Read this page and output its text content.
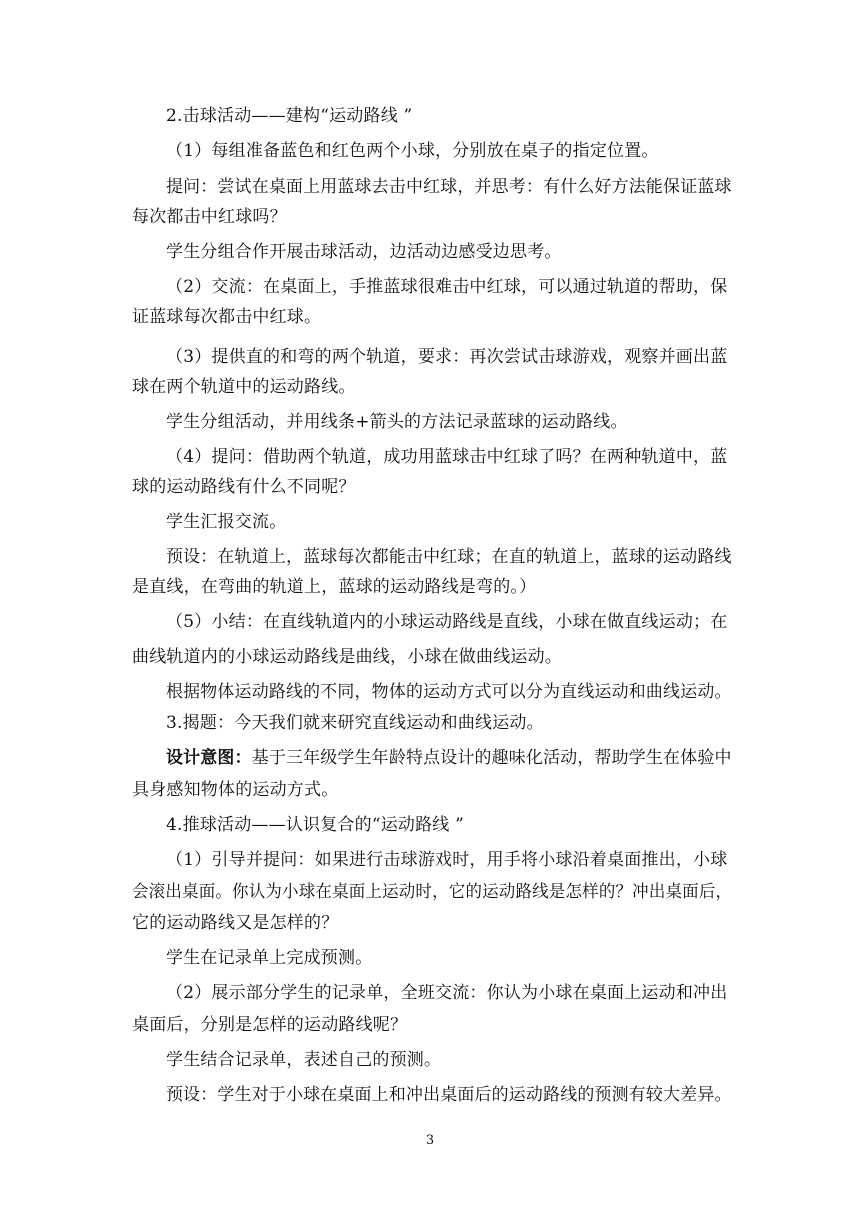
2.击球活动——建构“运动路线 ”
（1）每组准备蓝色和红色两个小球，分别放在桌子的指定位置。
提问：尝试在桌面上用蓝球去击中红球，并思考：有什么好方法能保证蓝球
每次都击中红球吗？
学生分组合作开展击球活动，边活动边感受边思考。
（2）交流：在桌面上，手推蓝球很难击中红球，可以通过轨道的帮助，保
证蓝球每次都击中红球。
（3）提供直的和弯的两个轨道，要求：再次尝试击球游戏，观察并画出蓝
球在两个轨道中的运动路线。
学生分组活动，并用线条+箭头的方法记录蓝球的运动路线。
（4）提问：借助两个轨道，成功用蓝球击中红球了吗？在两种轨道中，蓝
球的运动路线有什么不同呢？
学生汇报交流。
预设：在轨道上，蓝球每次都能击中红球；在直的轨道上，蓝球的运动路线
是直线，在弯曲的轨道上，蓝球的运动路线是弯的。）
（5）小结：在直线轨道内的小球运动路线是直线，小球在做直线运动；在
曲线轨道内的小球运动路线是曲线，小球在做曲线运动。
根据物体运动路线的不同，物体的运动方式可以分为直线运动和曲线运动。
3.揭题：今天我们就来研究直线运动和曲线运动。
设计意图：基于三年级学生年龄特点设计的趣味化活动，帮助学生在体验中
具身感知物体的运动方式。
4.推球活动——认识复合的“运动路线 ”
（1）引导并提问：如果进行击球游戏时，用手将小球沿着桌面推出，小球
会滚出桌面。你认为小球在桌面上运动时，它的运动路线是怎样的？冲出桌面后，
它的运动路线又是怎样的？
学生在记录单上完成预测。
（2）展示部分学生的记录单，全班交流：你认为小球在桌面上运动和冲出
桌面后，分别是怎样的运动路线呢？
学生结合记录单，表述自己的预测。
预设：学生对于小球在桌面上和冲出桌面后的运动路线的预测有较大差异。
3
